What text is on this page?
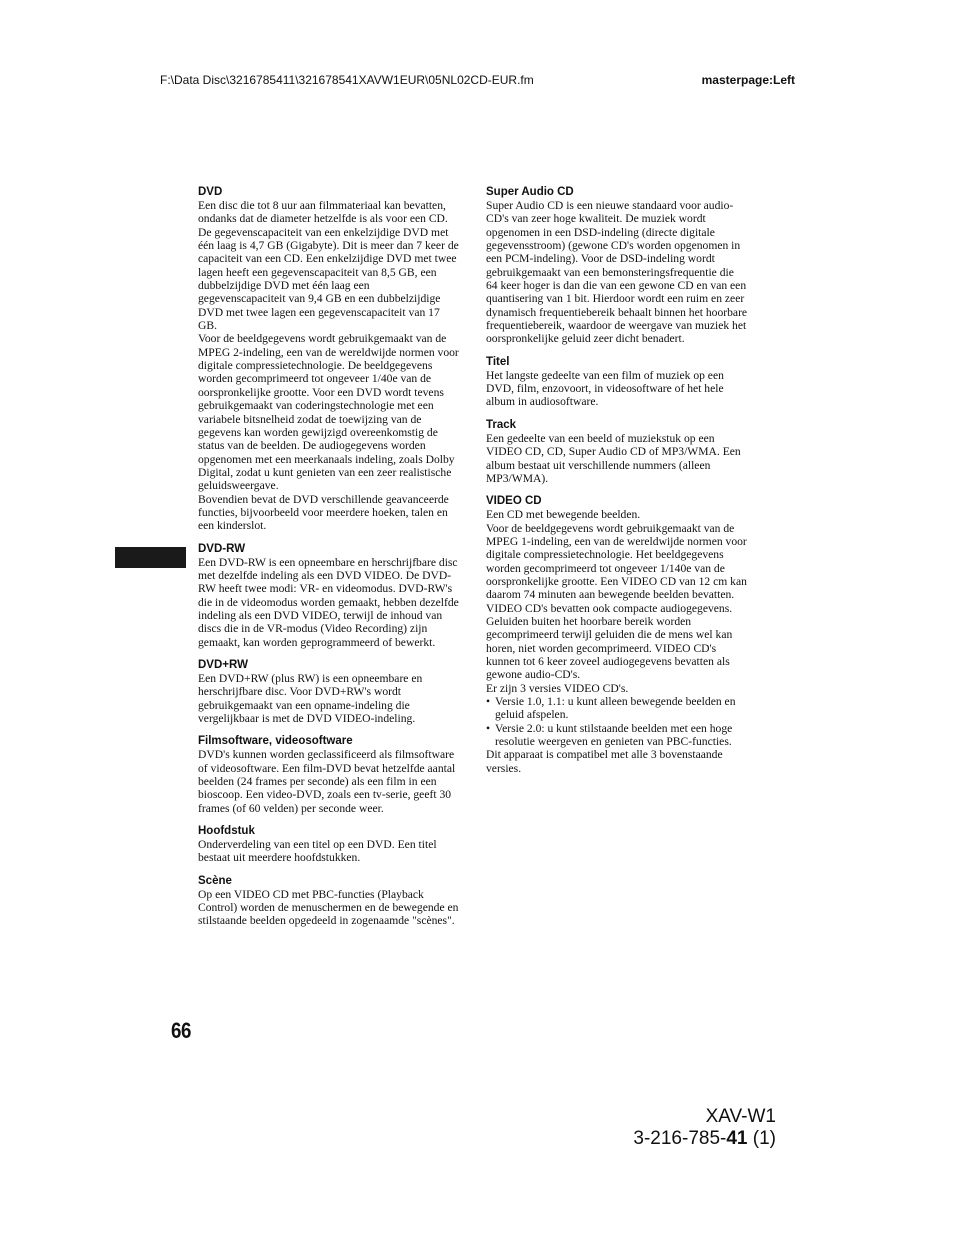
F:\Data Disc\3216785411\321678541XAVW1EUR\05NL02CD-EUR.fm	masterpage:Left
DVD
Een disc die tot 8 uur aan filmmateriaal kan bevatten, ondanks dat de diameter hetzelfde is als voor een CD.
De gegevenscapaciteit van een enkelzijdige DVD met één laag is 4,7 GB (Gigabyte). Dit is meer dan 7 keer de capaciteit van een CD. Een enkelzijdige DVD met twee lagen heeft een gegevenscapaciteit van 8,5 GB, een dubbelzijdige DVD met één laag een gegevenscapaciteit van 9,4 GB en een dubbelzijdige DVD met twee lagen een gegevenscapaciteit van 17 GB.
Voor de beeldgegevens wordt gebruikgemaakt van de MPEG 2-indeling, een van de wereldwijde normen voor digitale compressietechnologie. De beeldgegevens worden gecomprimeerd tot ongeveer 1/40e van de oorspronkelijke grootte. Voor een DVD wordt tevens gebruikgemaakt van coderingstechnologie met een variabele bitsnelheid zodat de toewijzing van de gegevens kan worden gewijzigd overeenkomstig de status van de beelden. De audiogegevens worden opgenomen met een meerkanaals indeling, zoals Dolby Digital, zodat u kunt genieten van een zeer realistische geluidsweergave.
Bovendien bevat de DVD verschillende geavanceerde functies, bijvoorbeeld voor meerdere hoeken, talen en een kinderslot.
DVD-RW
Een DVD-RW is een opneembare en herschrijfbare disc met dezelfde indeling als een DVD VIDEO. De DVD-RW heeft twee modi: VR- en videomodus. DVD-RW's die in de videomodus worden gemaakt, hebben dezelfde indeling als een DVD VIDEO, terwijl de inhoud van discs die in de VR-modus (Video Recording) zijn gemaakt, kan worden geprogrammeerd of bewerkt.
DVD+RW
Een DVD+RW (plus RW) is een opneembare en herschrijfbare disc. Voor DVD+RW's wordt gebruikgemaakt van een opname-indeling die vergelijkbaar is met de DVD VIDEO-indeling.
Filmsoftware, videosoftware
DVD's kunnen worden geclassificeerd als filmsoftware of videosoftware. Een film-DVD bevat hetzelfde aantal beelden (24 frames per seconde) als een film in een bioscoop. Een video-DVD, zoals een tv-serie, geeft 30 frames (of 60 velden) per seconde weer.
Hoofdstuk
Onderverdeling van een titel op een DVD. Een titel bestaat uit meerdere hoofdstukken.
Scène
Op een VIDEO CD met PBC-functies (Playback Control) worden de menuschermen en de bewegende en stilstaande beelden opgedeeld in zogenaamde "scènes".
Super Audio CD
Super Audio CD is een nieuwe standaard voor audio-CD's van zeer hoge kwaliteit. De muziek wordt opgenomen in een DSD-indeling (directe digitale gegevensstroom) (gewone CD's worden opgenomen in een PCM-indeling). Voor de DSD-indeling wordt gebruikgemaakt van een bemonsteringsfrequentie die 64 keer hoger is dan die van een gewone CD en van een quantisering van 1 bit. Hierdoor wordt een ruim en zeer dynamisch frequentiebereik behaalt binnen het hoorbare frequentiebereik, waardoor de weergave van muziek het oorspronkelijke geluid zeer dicht benadert.
Titel
Het langste gedeelte van een film of muziek op een DVD, film, enzovoort, in videosoftware of het hele album in audiosoftware.
Track
Een gedeelte van een beeld of muziekstuk op een VIDEO CD, CD, Super Audio CD of MP3/WMA. Een album bestaat uit verschillende nummers (alleen MP3/WMA).
VIDEO CD
Een CD met bewegende beelden.
Voor de beeldgegevens wordt gebruikgemaakt van de MPEG 1-indeling, een van de wereldwijde normen voor digitale compressietechnologie. Het beeldgegevens worden gecomprimeerd tot ongeveer 1/140e van de oorspronkelijke grootte. Een VIDEO CD van 12 cm kan daarom 74 minuten aan bewegende beelden bevatten.
VIDEO CD's bevatten ook compacte audiogegevens. Geluiden buiten het hoorbare bereik worden gecomprimeerd terwijl geluiden die de mens wel kan horen, niet worden gecomprimeerd. VIDEO CD's kunnen tot 6 keer zoveel audiogegevens bevatten als gewone audio-CD's.
Er zijn 3 versies VIDEO CD's.
• Versie 1.0, 1.1: u kunt alleen bewegende beelden en geluid afspelen.
• Versie 2.0: u kunt stilstaande beelden met een hoge resolutie weergeven en genieten van PBC-functies.
Dit apparaat is compatibel met alle 3 bovenstaande versies.
66
XAV-W1
3-216-785-41 (1)
